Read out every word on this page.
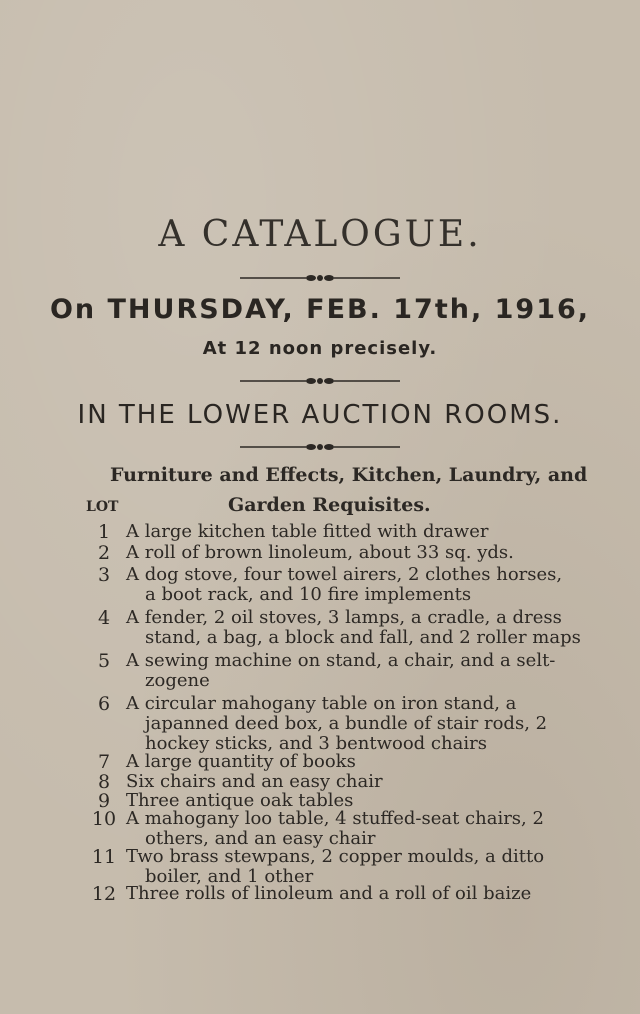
A CATALOGUE.
On THURSDAY, FEB. 17th, 1916,
At 12 noon precisely.
IN THE LOWER AUCTION ROOMS.
Furniture and Effects, Kitchen, Laundry, and
LOT	Garden Requisites.
1 A large kitchen table fitted with drawer
2 A roll of brown linoleum, about 33 sq. yds.
3 A dog stove, four towel airers, 2 clothes horses,
a boot rack, and 10 fire implements
4 A fender, 2 oil stoves, 3 lamps, a cradle, a dress
stand, a bag, a block and fall, and 2 roller maps
5 A sewing machine on stand, a chair, and a selt-
zogene
6 A circular mahogany table on iron stand, a
japanned deed box, a bundle of stair rods, 2
hockey sticks, and 3 bentwood chairs
7 A large quantity of books
8 Six chairs and an easy chair
9 Three antique oak tables
10 A mahogany loo table, 4 stuffed-seat chairs, 2
others, and an easy chair
11 Two brass stewpans, 2 copper moulds, a ditto
boiler, and 1 other
12 Three rolls of linoleum and a roll of oil baize
